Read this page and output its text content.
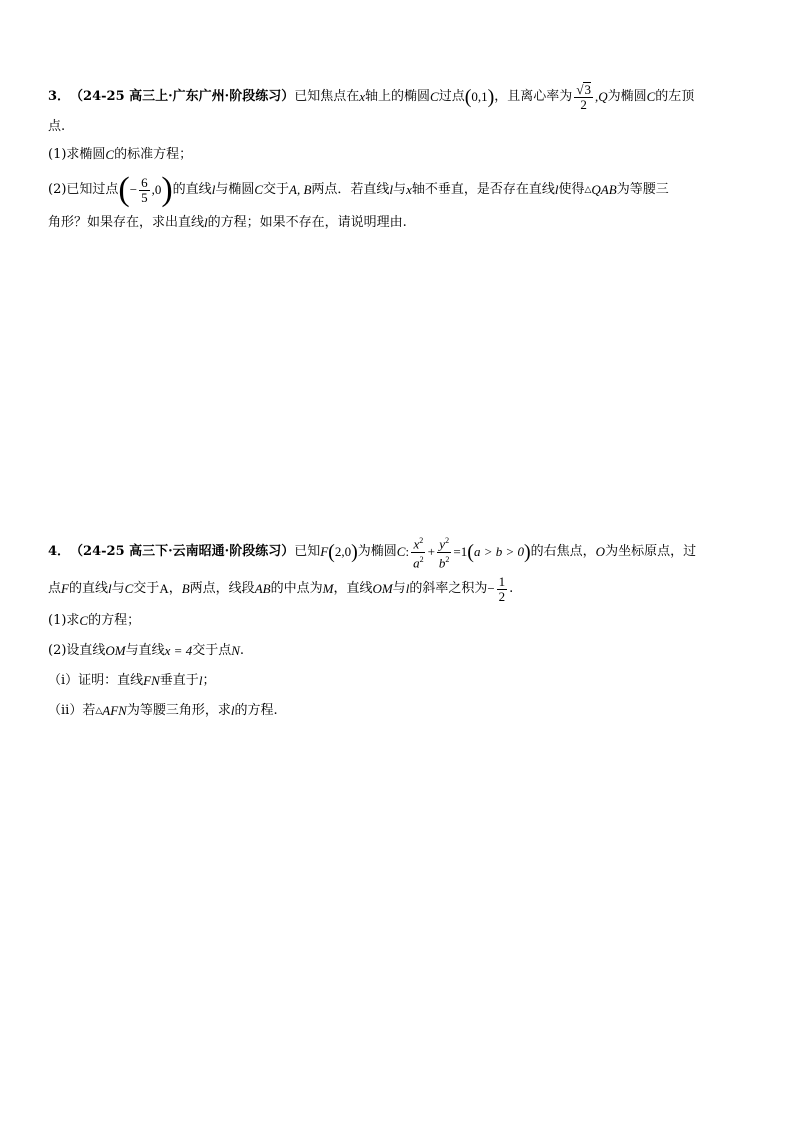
3． （24-25 高三上·广东广州·阶段练习） 已知焦点在 x 轴上的椭圆 C 过点 ( 0,1 ) ，且离心率为 $\frac{√3}{2}$ , Q 为椭圆 C 的左顶
点.
(1)求椭圆 C 的标准方程；
(2)已知过点 ( − $\frac{6}{5} ,0$ ) 的直线 l 与椭圆 C 交于 A, B 两点．若直线 l 与 x 轴不垂直，是否存在直线 l 使得 △ QAB 为等腰三
角形？如果存在，求出直线 l 的方程；如果不存在，请说明理由.
4． （24-25 高三下·云南昭通·阶段练习） 已知 F ( 2,0 ) 为椭圆 C : $\frac{x^2}{a^2} + \frac{y^2}{b^2} =1$ ( a > b > 0 ) 的右焦点， O 为坐标原点，过
点 F 的直线 l 与 C 交于 A ， B 两点，线段 AB 的中点为 M ，直线 OM 与 l 的斜率之积为 − $\frac{1}{2}$ .
(1)求 C 的方程；
(2)设直线 OM 与直线 x = 4 交于点 N .
（i）证明：直线 FN 垂直于 l ；
（ii）若 △ AFN 为等腰三角形，求 l 的方程.
